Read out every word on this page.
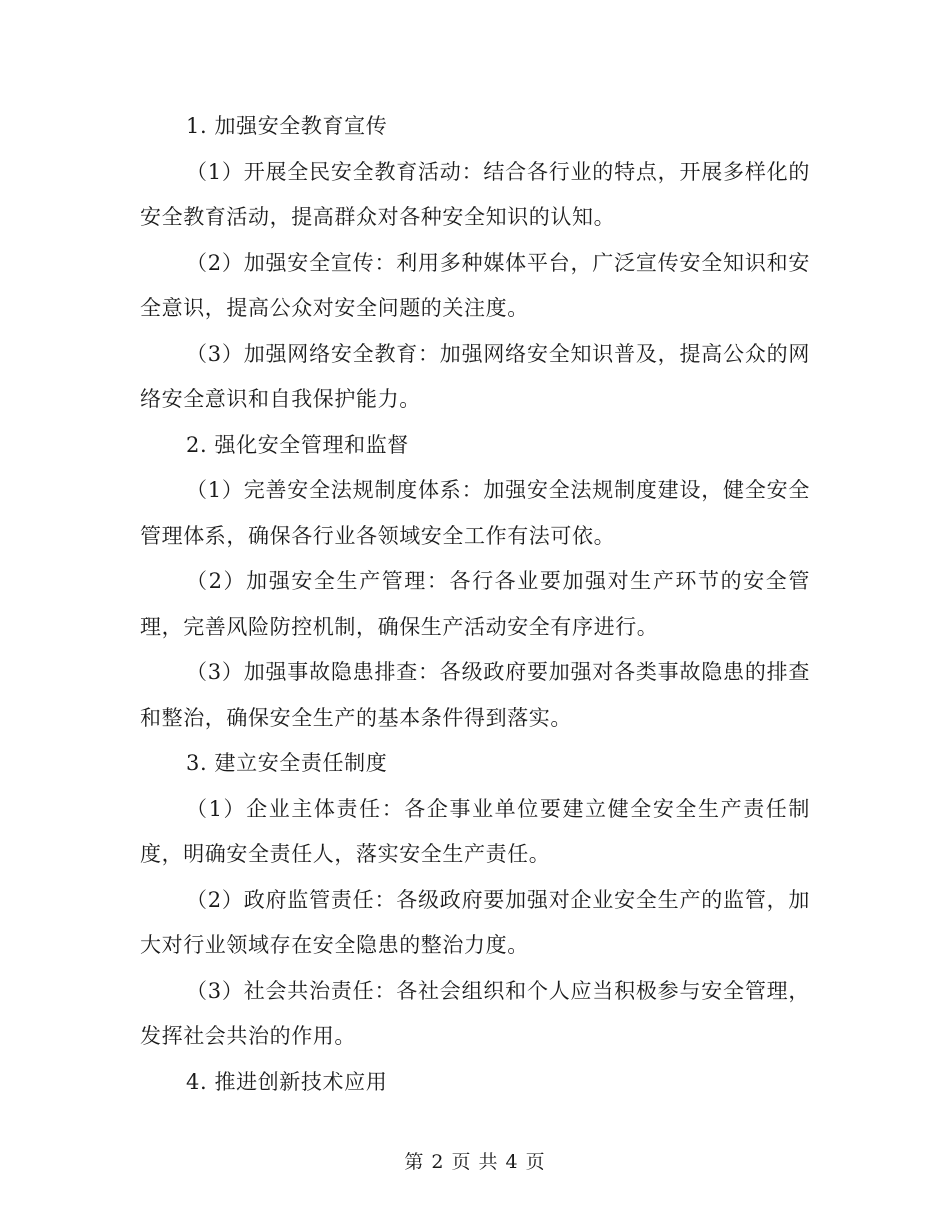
1. 加强安全教育宣传

（1）开展全民安全教育活动：结合各行业的特点，开展多样化的安全教育活动，提高群众对各种安全知识的认知。

（2）加强安全宣传：利用多种媒体平台，广泛宣传安全知识和安全意识，提高公众对安全问题的关注度。

（3）加强网络安全教育：加强网络安全知识普及，提高公众的网络安全意识和自我保护能力。

2. 强化安全管理和监督

（1）完善安全法规制度体系：加强安全法规制度建设，健全安全管理体系，确保各行业各领域安全工作有法可依。

（2）加强安全生产管理：各行各业要加强对生产环节的安全管理，完善风险防控机制，确保生产活动安全有序进行。

（3）加强事故隐患排查：各级政府要加强对各类事故隐患的排查和整治，确保安全生产的基本条件得到落实。

3. 建立安全责任制度

（1）企业主体责任：各企事业单位要建立健全安全生产责任制度，明确安全责任人，落实安全生产责任。

（2）政府监管责任：各级政府要加强对企业安全生产的监管，加大对行业领域存在安全隐患的整治力度。

（3）社会共治责任：各社会组织和个人应当积极参与安全管理，发挥社会共治的作用。

4. 推进创新技术应用

第 2 页 共 4 页
